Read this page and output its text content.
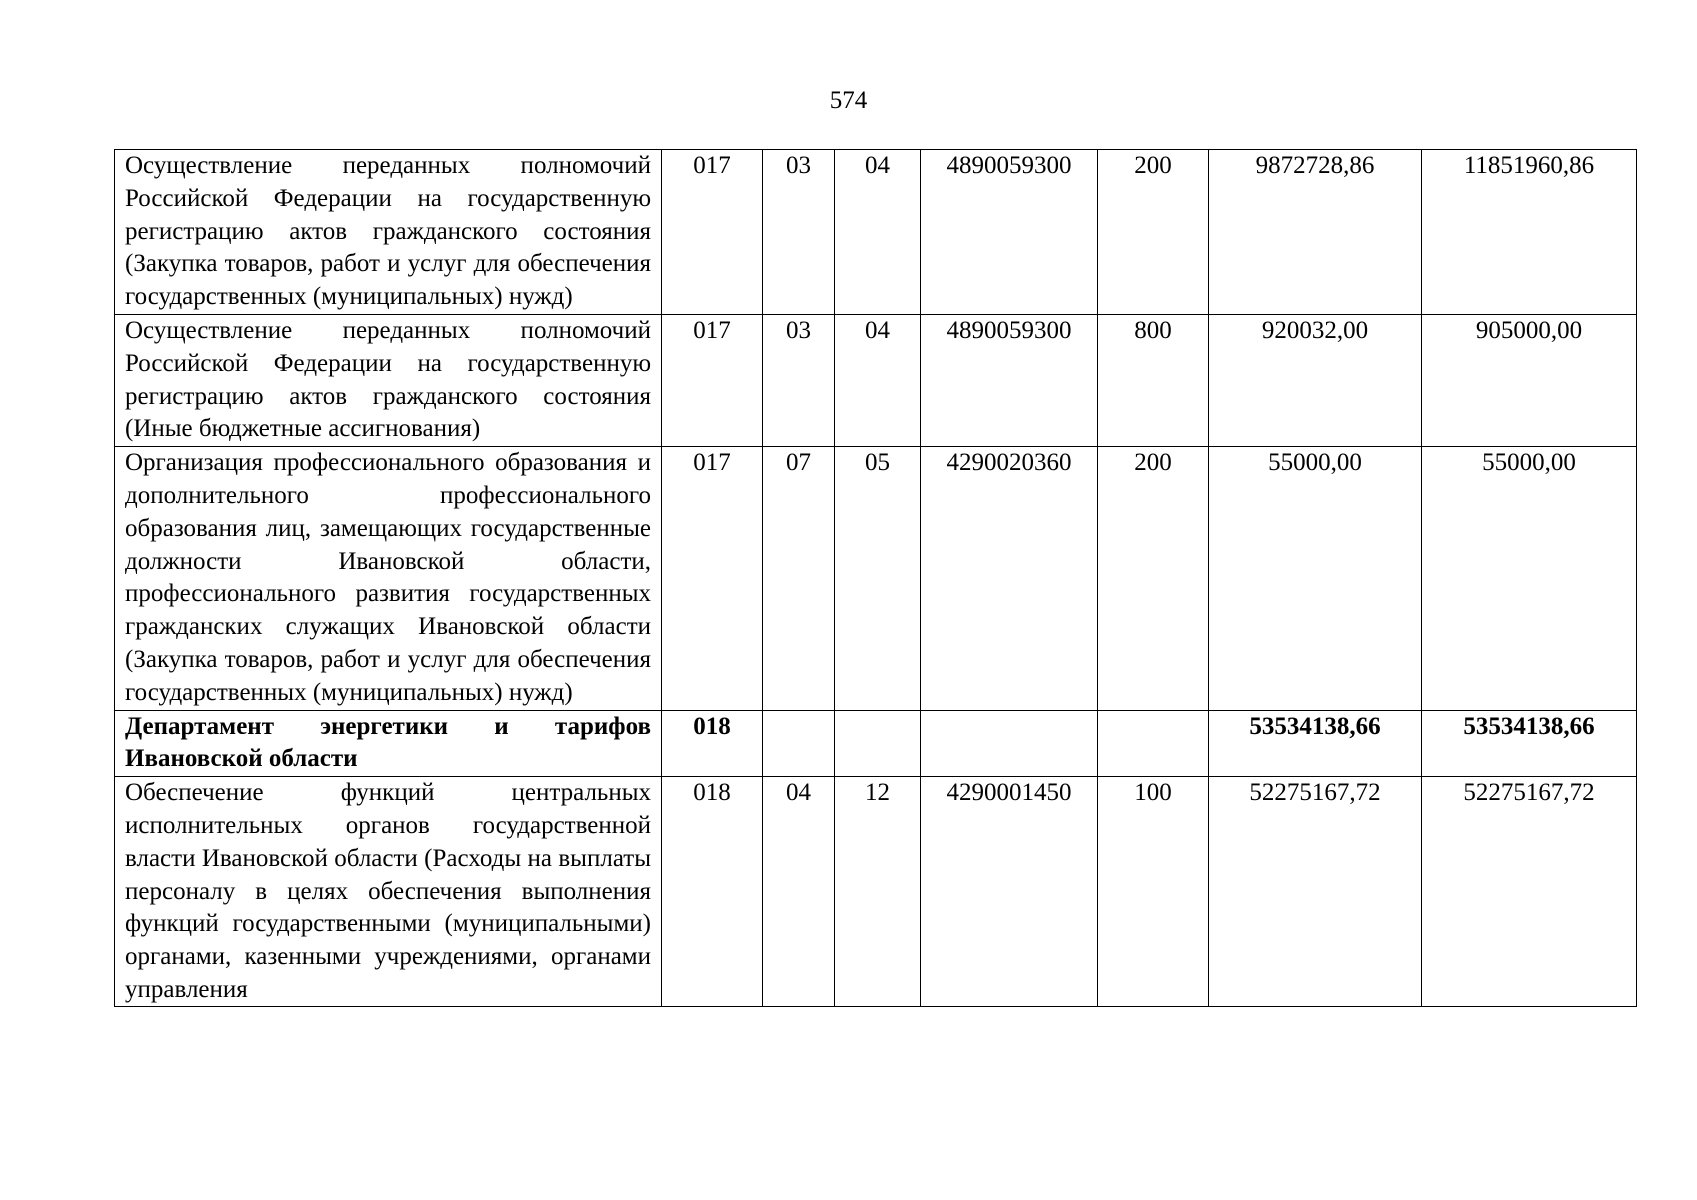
574
Осуществление переданных полномочий Российской Федерации на государственную регистрацию актов гражданского состояния (Закупка товаров, работ и услуг для обеспечения государственных (муниципальных) нужд)	017	03	04	4890059300	200	9872728,86	11851960,86

Осуществление переданных полномочий Российской Федерации на государственную регистрацию актов гражданского состояния (Иные бюджетные ассигнования)	017	03	04	4890059300	800	920032,00	905000,00

Организация профессионального образования и дополнительного профессионального образования лиц, замещающих государственные должности Ивановской области, профессионального развития государственных гражданских служащих Ивановской области (Закупка товаров, работ и услуг для обеспечения государственных (муниципальных) нужд)	017	07	05	4290020360	200	55000,00	55000,00

Департамент энергетики и тарифов Ивановской области	018					53534138,66	53534138,66

Обеспечение функций центральных исполнительных органов государственной власти Ивановской области (Расходы на выплаты персоналу в целях обеспечения выполнения функций государственными (муниципальными) органами, казенными учреждениями, органами управления	018	04	12	4290001450	100	52275167,72	52275167,72
